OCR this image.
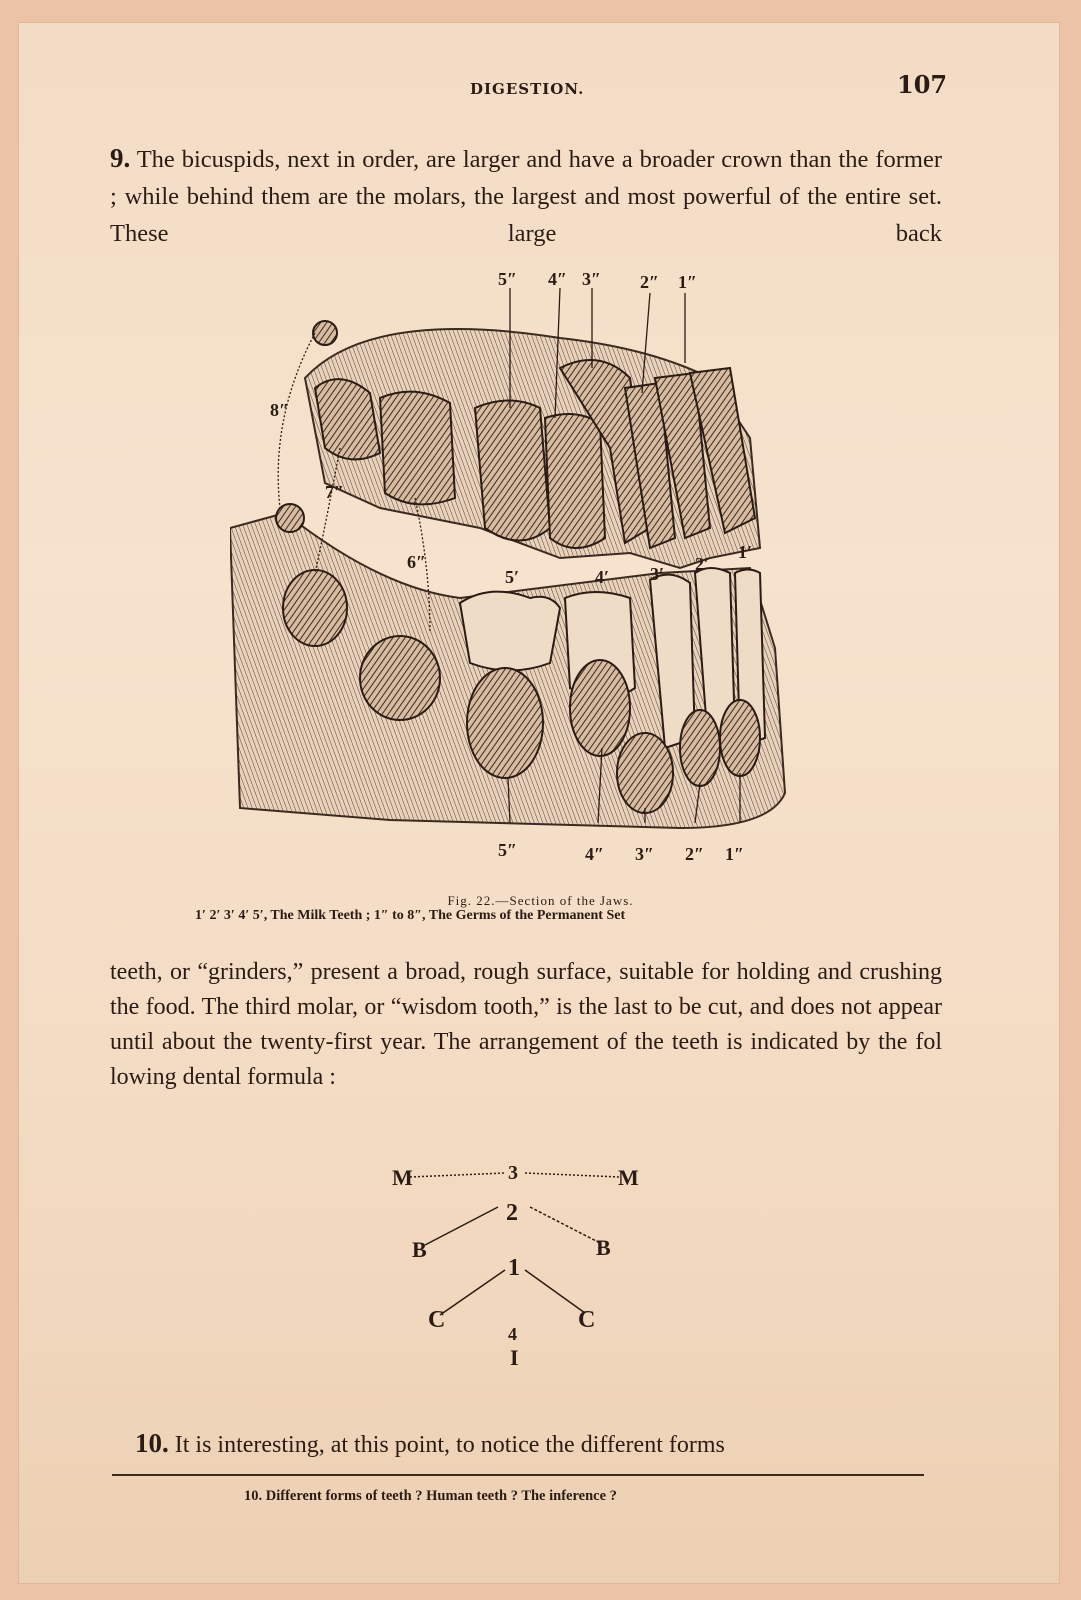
DIGESTION.	107
9. The bicuspids, next in order, are larger and have a broader crown than the former ; while behind them are the molars, the largest and most powerful of the entire set. These large back
5″ 4″ 3″ 2″ 1″
8″
7″
6″
5′	4′ 3′ 2′
1′
5″	4″ 3″ 2″ 1″
Fig. 22.—Section of the Jaws.
1′ 2′ 3′ 4′ 5′, The Milk Teeth ; 1″ to 8″, The Germs of the Permanent Set
teeth, or “grinders,” present a broad, rough surface, suitable for holding and crushing the food. The third molar, or “wisdom tooth,” is the last to be cut, and does not appear until about the twenty-first year. The arrangement of the teeth is indicated by the fol
lowing dental formula :
M	3	M
2
B	B
1
C	C
4
I
10. It is interesting, at this point, to notice the different forms
10. Different forms of teeth ? Human teeth ? The inference ?
